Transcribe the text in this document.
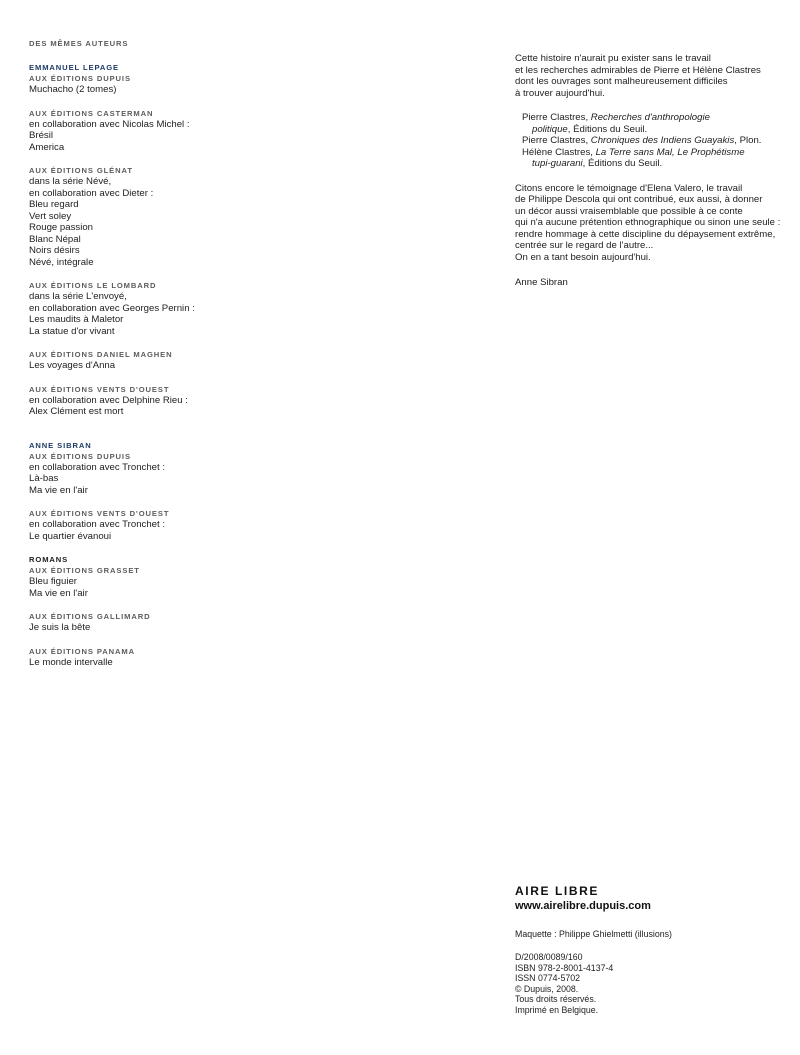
DES MÊMES AUTEURS
EMMANUEL LEPAGE
AUX ÉDITIONS DUPUIS
Muchacho (2 tomes)
AUX ÉDITIONS CASTERMAN
en collaboration avec Nicolas Michel :
Brésil
America
AUX ÉDITIONS GLÉNAT
dans la série Névé,
en collaboration avec Dieter :
Bleu regard
Vert soley
Rouge passion
Blanc Népal
Noirs désirs
Névé, intégrale
AUX ÉDITIONS LE LOMBARD
dans la série L'envoyé,
en collaboration avec Georges Pernin :
Les maudits à Maletor
La statue d'or vivant
AUX ÉDITIONS DANIEL MAGHEN
Les voyages d'Anna
AUX ÉDITIONS VENTS D'OUEST
en collaboration avec Delphine Rieu :
Alex Clément est mort
ANNE SIBRAN
AUX ÉDITIONS DUPUIS
en collaboration avec Tronchet :
Là-bas
Ma vie en l'air
AUX ÉDITIONS VENTS D'OUEST
en collaboration avec Tronchet :
Le quartier évanoui
ROMANS
AUX ÉDITIONS GRASSET
Bleu figuier
Ma vie en l'air
AUX ÉDITIONS GALLIMARD
Je suis la bête
AUX ÉDITIONS PANAMA
Le monde intervalle
Cette histoire n'aurait pu exister sans le travail
et les recherches admirables de Pierre et Hélène Clastres
dont les ouvrages sont malheureusement difficiles
à trouver aujourd'hui.
Pierre Clastres, Recherches d'anthropologie
politique, Éditions du Seuil.
Pierre Clastres, Chroniques des Indiens Guayakis, Plon.
Hélène Clastres, La Terre sans Mal, Le Prophétisme
tupi-guarani, Éditions du Seuil.
Citons encore le témoignage d'Elena Valero, le travail
de Philippe Descola qui ont contribué, eux aussi, à donner
un décor aussi vraisemblable que possible à ce conte
qui n'a aucune prétention ethnographique ou sinon une seule :
rendre hommage à cette discipline du dépaysement extrême,
centrée sur le regard de l'autre...
On en a tant besoin aujourd'hui.
Anne Sibran
AIRE LIBRE
www.airelibre.dupuis.com
Maquette : Philippe Ghielmetti (illusions)
D/2008/0089/160
ISBN 978-2-8001-4137-4
ISSN 0774-5702
© Dupuis, 2008.
Tous droits réservés.
Imprimé en Belgique.
